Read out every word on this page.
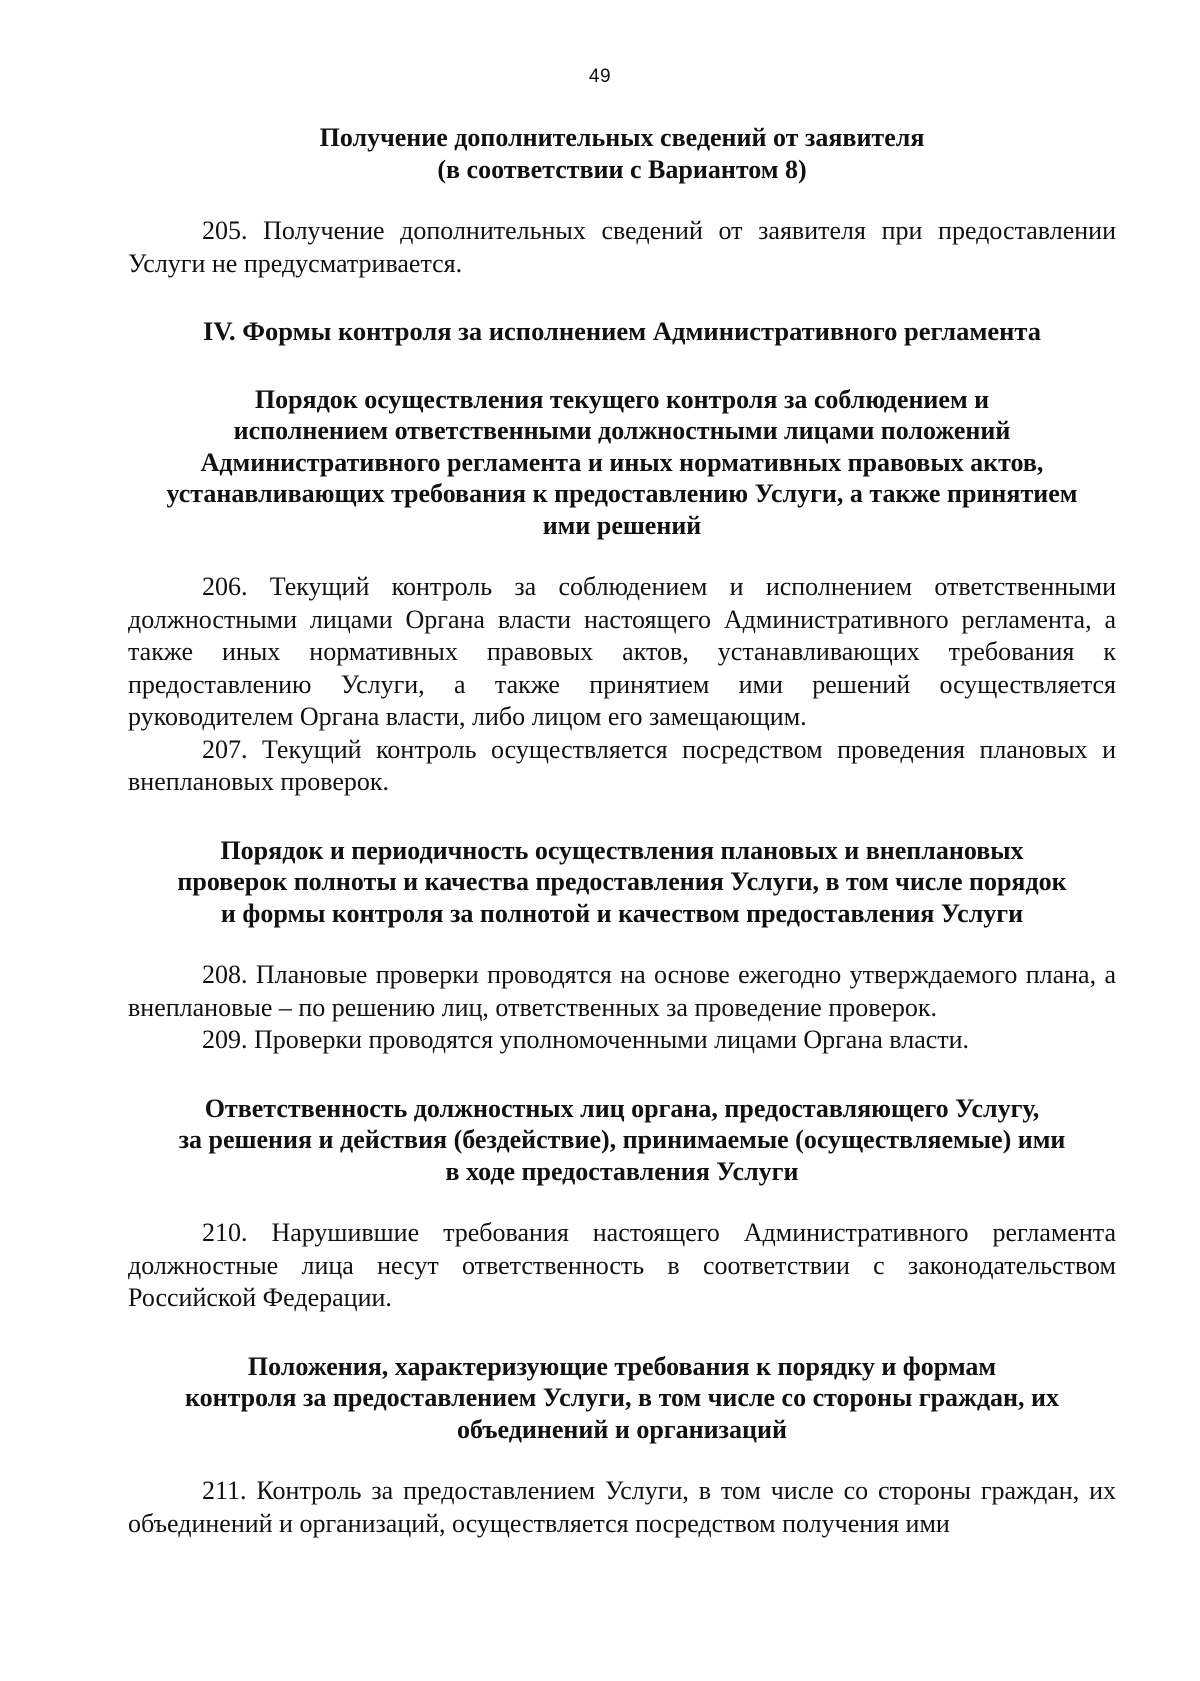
49
Получение дополнительных сведений от заявителя
(в соответствии с Вариантом 8)

205. Получение дополнительных сведений от заявителя при предоставлении Услуги не предусматривается.

IV. Формы контроля за исполнением Административного регламента
Порядок осуществления текущего контроля за соблюдением и
исполнением ответственными должностными лицами положений
Административного регламента и иных нормативных правовых актов,
устанавливающих требования к предоставлению Услуги, а также принятием
ими решений

206. Текущий контроль за соблюдением и исполнением ответственными должностными лицами Органа власти настоящего Административного регламента, а также иных нормативных правовых актов, устанавливающих требования к предоставлению Услуги, а также принятием ими решений осуществляется руководителем Органа власти, либо лицом его замещающим.

207. Текущий контроль осуществляется посредством проведения плановых и внеплановых проверок.

Порядок и периодичность осуществления плановых и внеплановых
проверок полноты и качества предоставления Услуги, в том числе порядок
и формы контроля за полнотой и качеством предоставления Услуги

208. Плановые проверки проводятся на основе ежегодно утверждаемого плана, а внеплановые – по решению лиц, ответственных за проведение проверок.

209. Проверки проводятся уполномоченными лицами Органа власти.

Ответственность должностных лиц органа, предоставляющего Услугу,
за решения и действия (бездействие), принимаемые (осуществляемые) ими
в ходе предоставления Услуги

210. Нарушившие требования настоящего Административного регламента должностные лица несут ответственность в соответствии с законодательством Российской Федерации.

Положения, характеризующие требования к порядку и формам
контроля за предоставлением Услуги, в том числе со стороны граждан, их
объединений и организаций

211. Контроль за предоставлением Услуги, в том числе со стороны граждан, их объединений и организаций, осуществляется посредством получения ими
